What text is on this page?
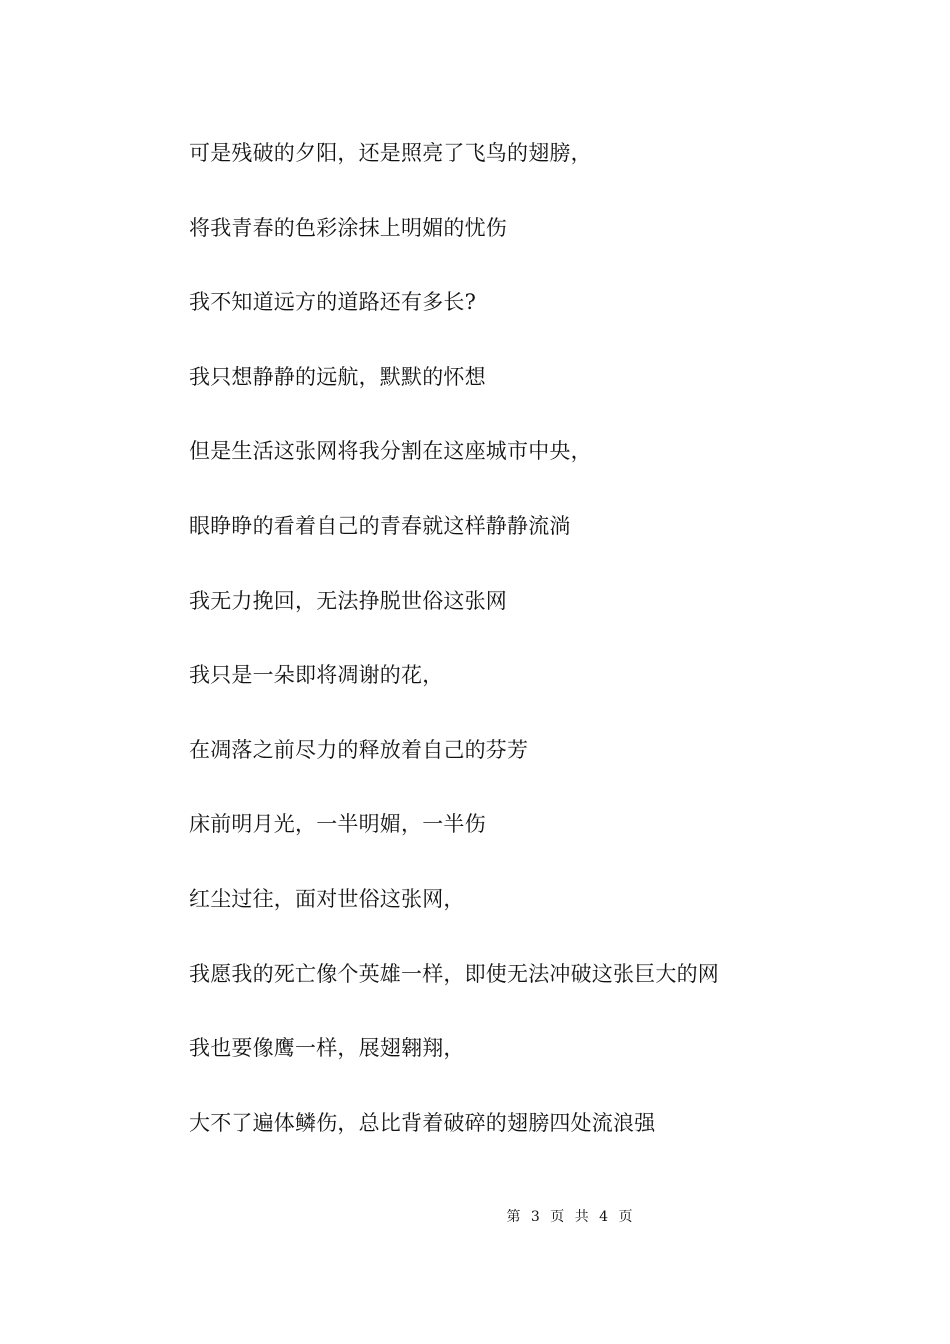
可是残破的夕阳，还是照亮了飞鸟的翅膀，
将我青春的色彩涂抹上明媚的忧伤
我不知道远方的道路还有多长?
我只想静静的远航，默默的怀想
但是生活这张网将我分割在这座城市中央，
眼睁睁的看着自己的青春就这样静静流淌
我无力挽回，无法挣脱世俗这张网
我只是一朵即将凋谢的花，
在凋落之前尽力的释放着自己的芬芳
床前明月光，一半明媚，一半伤
红尘过往，面对世俗这张网，
我愿我的死亡像个英雄一样，即使无法冲破这张巨大的网
我也要像鹰一样，展翅翱翔，
大不了遍体鳞伤，总比背着破碎的翅膀四处流浪强
第 3 页 共 4 页
